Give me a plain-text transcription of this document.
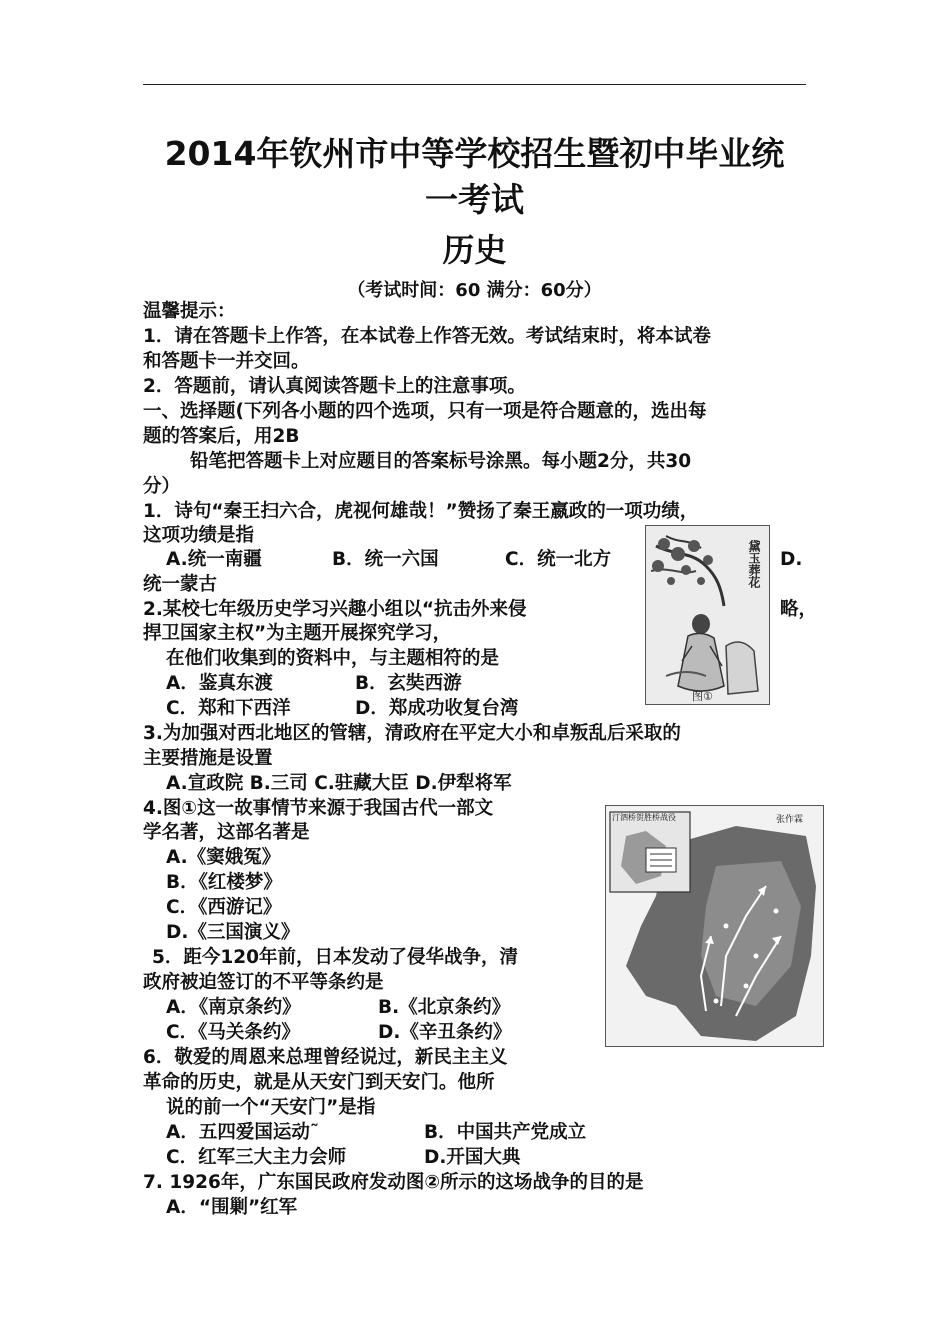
2014年钦州市中等学校招生暨初中毕业统
一考试
历史
（考试时间：60 满分：60分）
温馨提示：
1．请在答题卡上作答，在本试卷上作答无效。考试结束时，将本试卷
和答题卡一并交回。
2．答题前，请认真阅读答题卡上的注意事项。
一、选择题(下列各小题的四个选项，只有一项是符合题意的，选出每
题的答案后，用2B
铅笔把答题卡上对应题目的答案标号涂黑。每小题2分，共30
分）
1．诗句“秦王扫六合，虎视何雄哉！”赞扬了秦王嬴政的一项功绩，
这项功绩是指
A.统一南疆	B．统一六国	C．统一北方	D.
统一蒙古
2.某校七年级历史学习兴趣小组以“抗击外来侵	略，
捍卫国家主权”为主题开展探究学习，
在他们收集到的资料中，与主题相符的是
A．鉴真东渡	B．玄奘西游
C．郑和下西洋	D．郑成功收复台湾
3.为加强对西北地区的管辖，清政府在平定大小和卓叛乱后采取的
主要措施是设置
A.宣政院 B.三司 C.驻藏大臣 D.伊犁将军
4.图①这一故事情节来源于我国古代一部文
学名著，这部名著是
A.《窦娥冤》
B．《红楼梦》
C．《西游记》
D.《三国演义》
5．距今120年前，日本发动了侵华战争，清
政府被迫签订的不平等条约是
A．《南京条约》	B.《北京条约》
C．《马关条约》	D.《辛丑条约》
6．敬爱的周恩来总理曾经说过，新民主主义
革命的历史，就是从天安门到天安门。他所
说的前一个“天安门”是指
A．五四爱国运动˜	B．中国共产党成立
C．红军三大主力会师	D.开国大典
7. 1926年，广东国民政府发动图②所示的这场战争的目的是
A．“围剿”红军
黛玉葬花
图①
汀泗桥贺胜桥战役	张作霖
